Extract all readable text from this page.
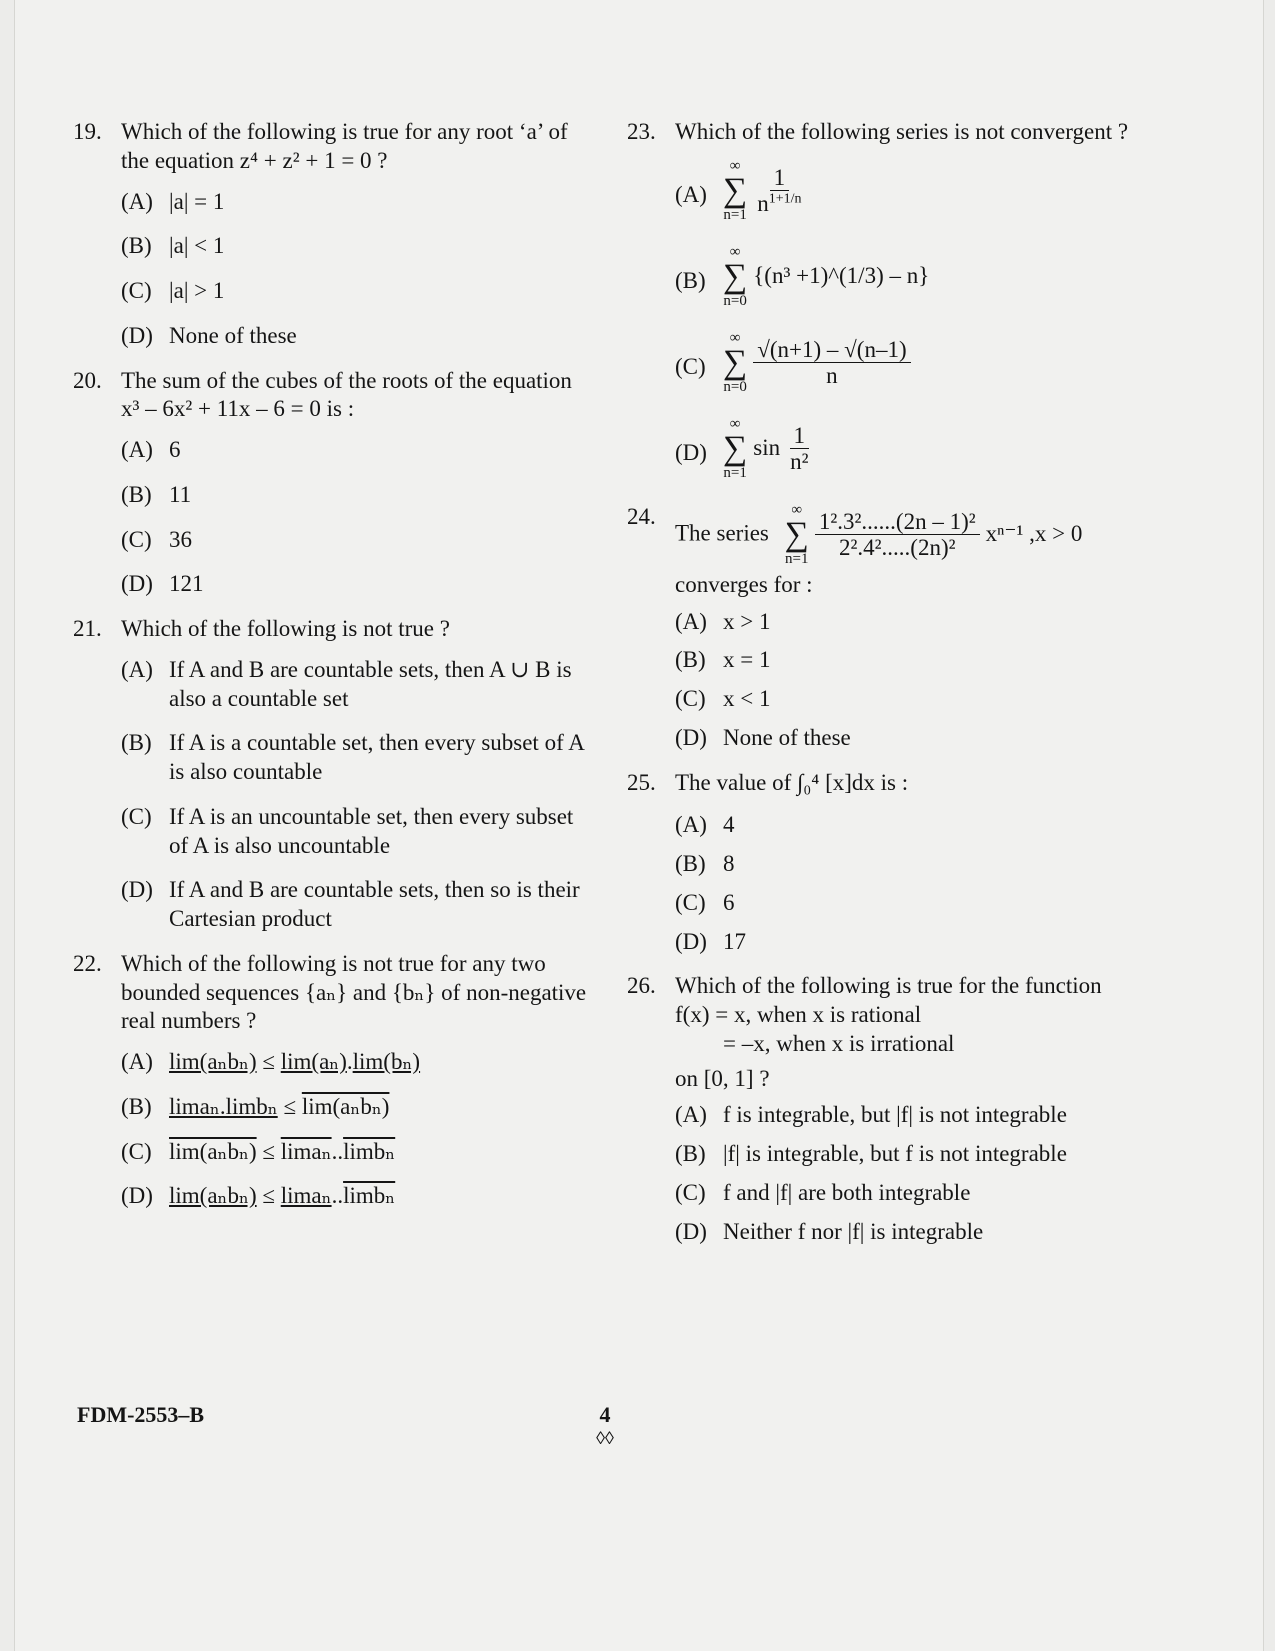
19. Which of the following is true for any root ‘a’ of the equation z⁴ + z² + 1 = 0 ?
(A) |a| = 1
(B) |a| < 1
(C) |a| > 1
(D) None of these
20. The sum of the cubes of the roots of the equation x³ – 6x² + 11x – 6 = 0 is :
(A) 6
(B) 11
(C) 36
(D) 121
21. Which of the following is not true ?
(A) If A and B are countable sets, then A ∪ B is also a countable set
(B) If A is a countable set, then every subset of A is also countable
(C) If A is an uncountable set, then every subset of A is also uncountable
(D) If A and B are countable sets, then so is their Cartesian product
22. Which of the following is not true for any two bounded sequences {aₙ} and {bₙ} of non-negative real numbers ?
(A) lim(aₙbₙ) ≤ lim(aₙ).lim(bₙ)
(B) limaₙ.limbₙ ≤ lim(aₙbₙ)
(C) lim(aₙbₙ) ≤ limaₙ..limbₙ
(D) lim(aₙbₙ) ≤ limaₙ..limbₙ
23. Which of the following series is not convergent ?
(A)
∞
∑
$n=1 \frac{1}{n^{1+1/n}}$
(B)
∞
∑
n=0
{(n³ +1)^(1/3) – n}
(C)
∞
∑
$n=0 \frac{√(n+1) - √(n-1)}{n}$
(D)
∞
∑
n=1
$\sin \frac{1}{\text{n²}}$
24.
The series
∞
∑
$n=1 \frac{\text{1².3²......(2n – 1)²}}{\text{2².4².....(2n)²}} x^{n-1}$ ,x > 0
converges for :
(A) x > 1
(B) x = 1
(C) x < 1
(D) None of these
25. The value of ∫₀⁴ [x]dx is :
(A) 4
(B) 8
(C) 6
(D) 17
26. Which of the following is true for the function
f(x) = x, when x is rational
= –x, when x is irrational
on [0, 1] ?
(A) f is integrable, but |f| is not integrable
(B) |f| is integrable, but f is not integrable
(C) f and |f| are both integrable
(D) Neither f nor |f| is integrable
FDM-2553–B	4
◊◊
